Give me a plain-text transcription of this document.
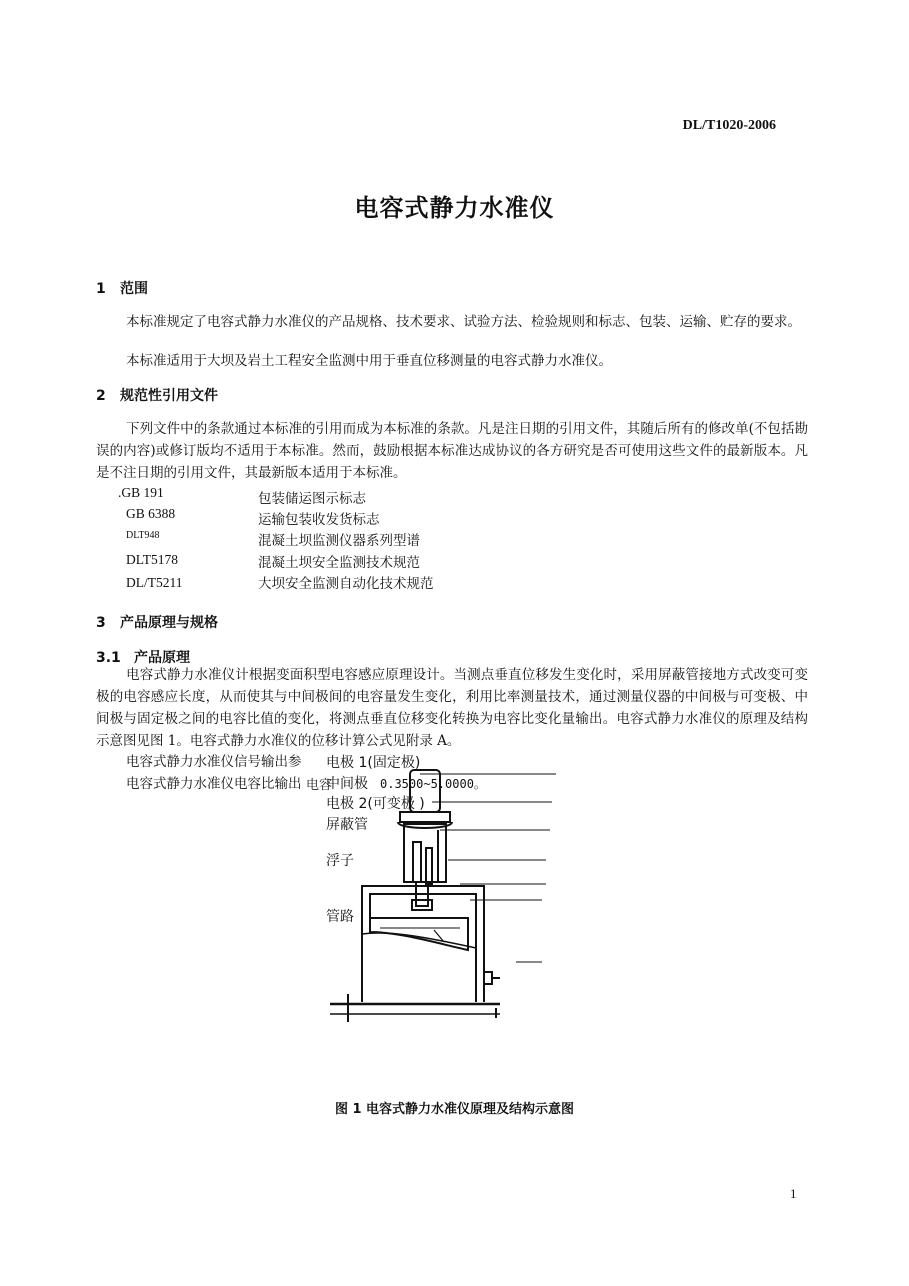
DL/T1020-2006
电容式静力水准仪
1 范围
本标准规定了电容式静力水准仪的产品规格、技术要求、试验方法、检验规则和标志、包装、运输、贮存的要求。
本标准适用于大坝及岩土工程安全监测中用于垂直位移测量的电容式静力水准仪。
2 规范性引用文件
下列文件中的条款通过本标准的引用而成为本标准的条款。凡是注日期的引用文件，其随后所有的修改单(不包括勘误的内容)或修订版均不适用于本标准。然而，鼓励根据本标准达成协议的各方研究是否可使用这些文件的最新版本。凡是不注日期的引用文件，其最新版本适用于本标准。
.GB 191	包装储运图示标志
GB 6388	运输包装收发货标志
DLT948	混凝土坝监测仪器系列型谱
DLT5178	混凝土坝安全监测技术规范
DL/T5211	大坝安全监测自动化技术规范
3 产品原理与规格
3.1 产品原理
电容式静力水准仪计根据变面积型电容感应原理设计。当测点垂直位移发生变化时，采用屏蔽管接地方式改变可变极的电容感应长度，从而使其与中间极间的电容量发生变化，利用比率测量技术，通过测量仪器的中间极与可变极、中间极与固定极之间的电容比值的变化，将测点垂直位移变化转换为电容比变化量输出。电容式静力水准仪的原理及结构示意图见图 1。电容式静力水准仪的位移计算公式见附录 A。
电容式静力水准仪信号输出参
电容式静力水准仪电容比输出
电极 1(固定极)
中间极 0.3500~5.0000。
电极 2(可变极 )
屏蔽管
浮子
管路
电容
图 1 电容式静力水准仪原理及结构示意图
1
